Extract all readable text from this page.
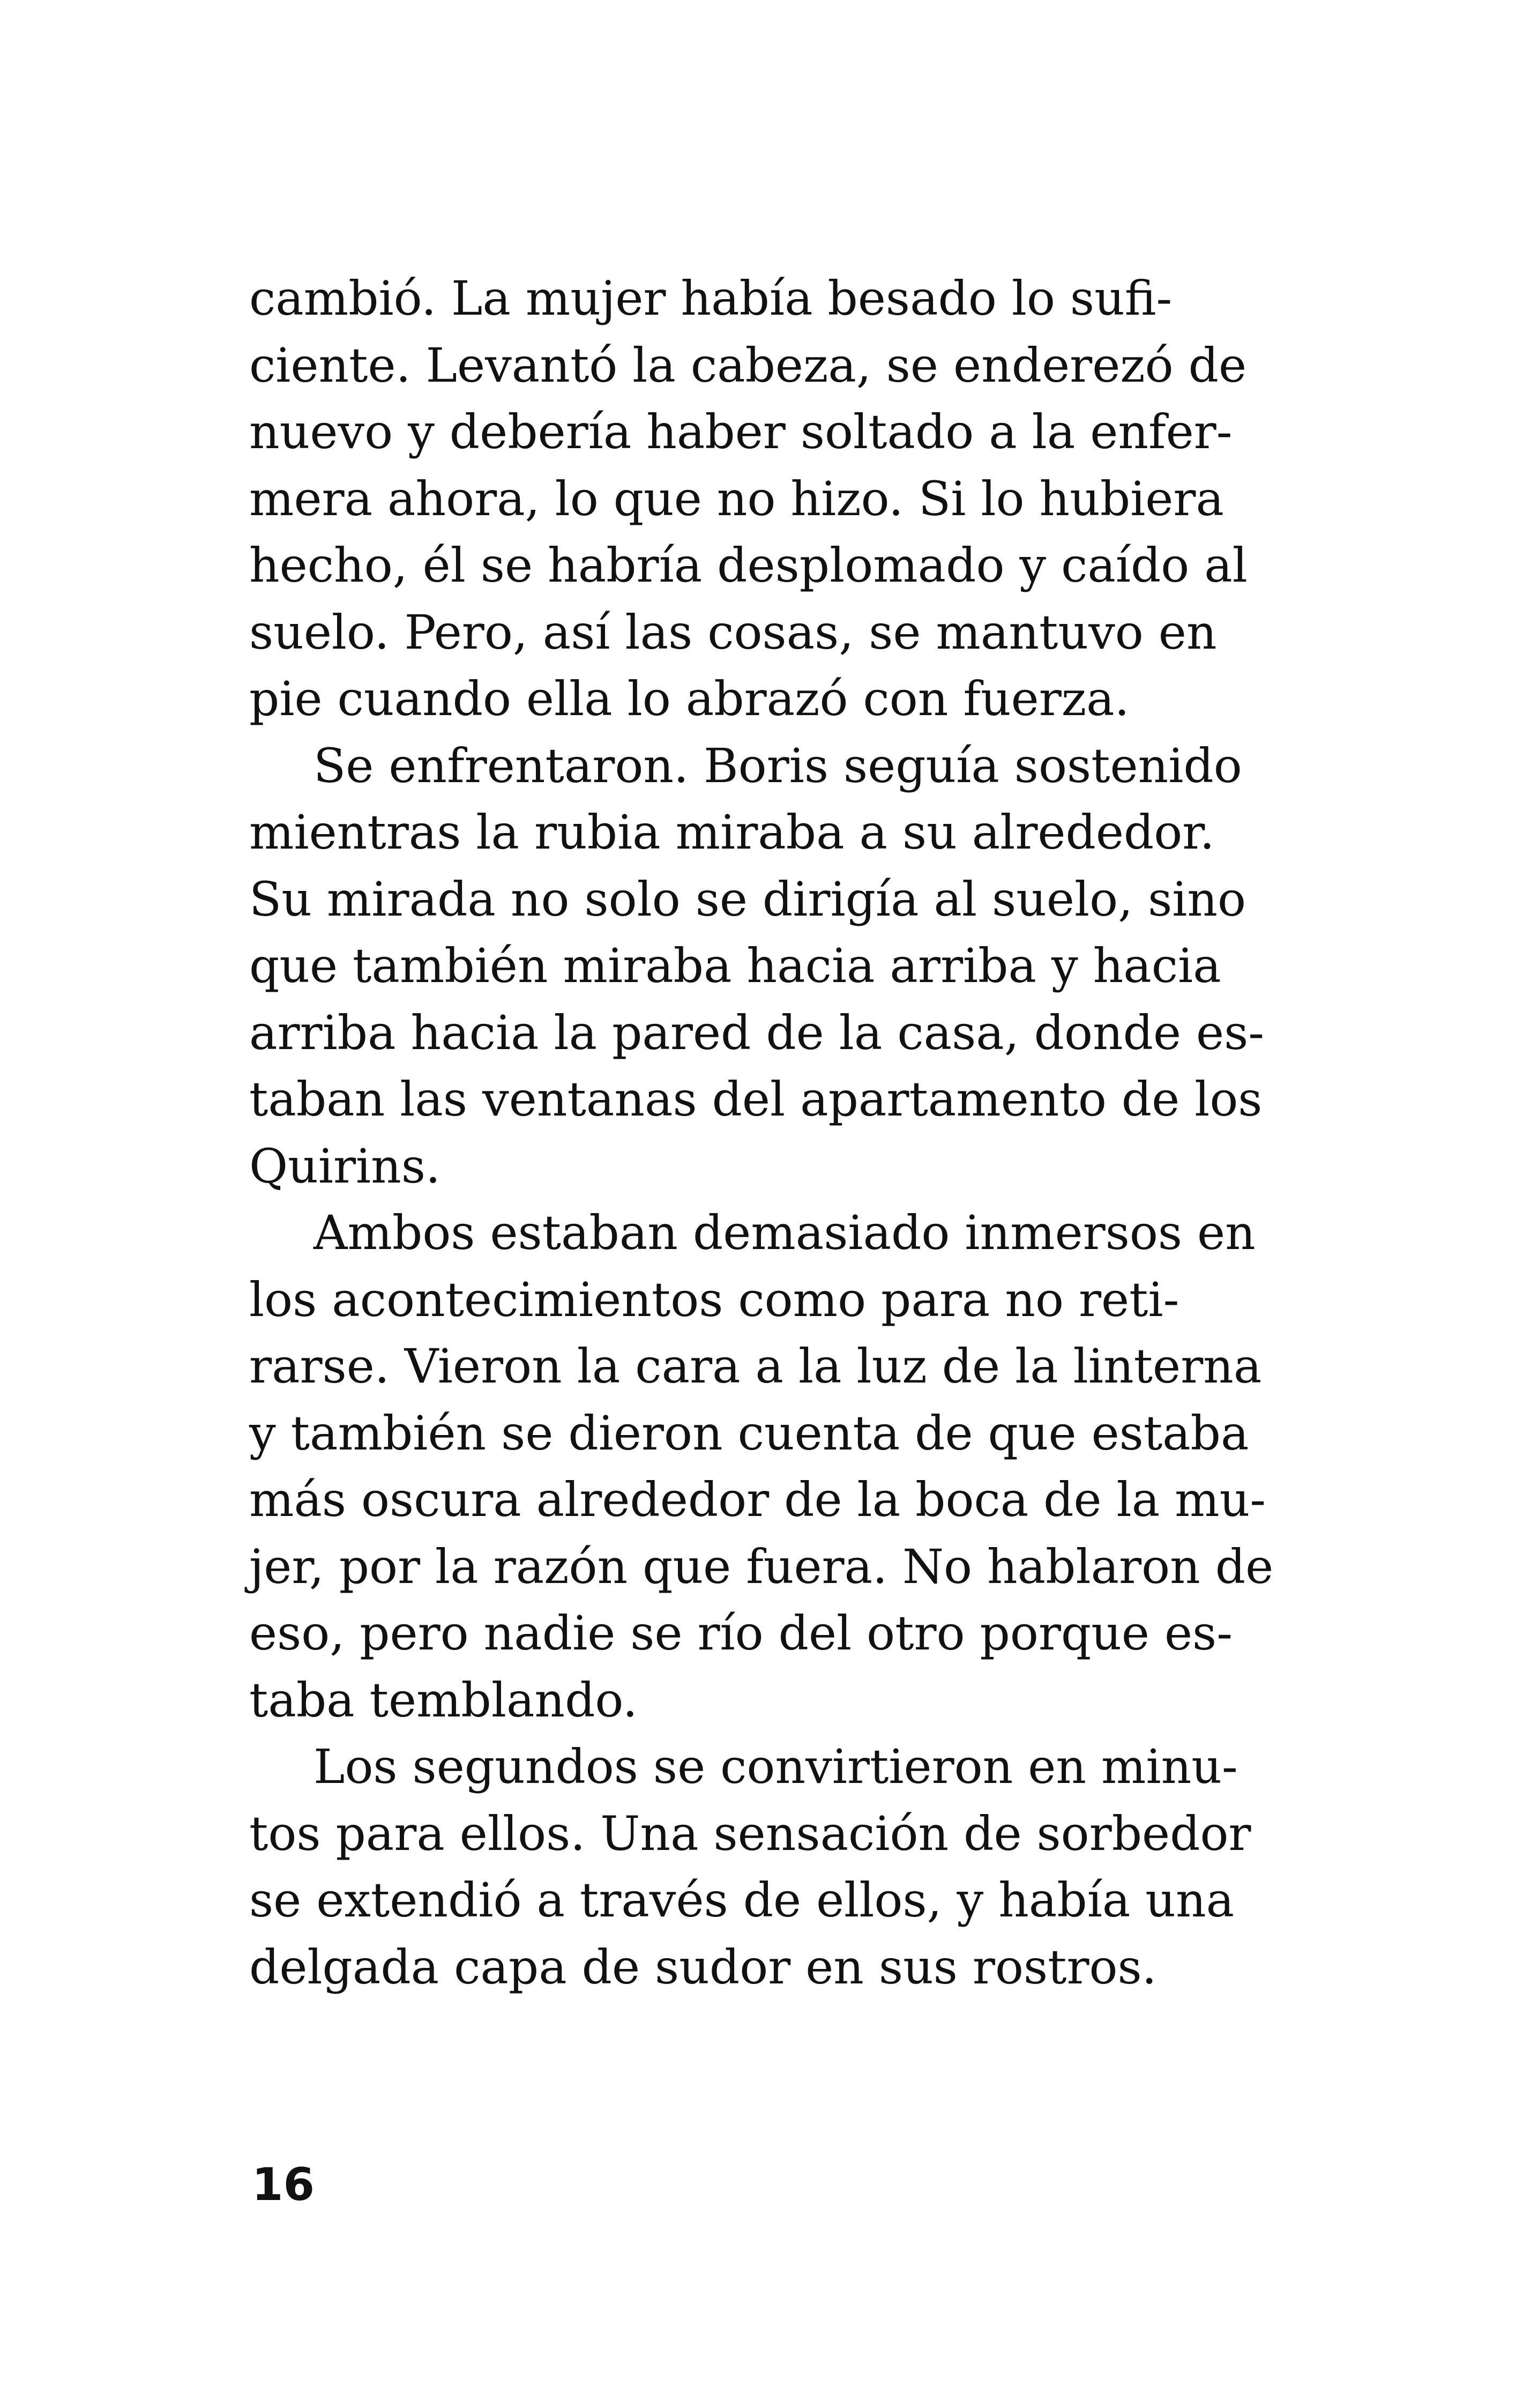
cambió. La mujer había besado lo sufi-
ciente. Levantó la cabeza, se enderezó de
nuevo y debería haber soltado a la enfer-
mera ahora, lo que no hizo. Si lo hubiera
hecho, él se habría desplomado y caído al
suelo. Pero, así las cosas, se mantuvo en
pie cuando ella lo abrazó con fuerza.

Se enfrentaron. Boris seguía sostenido
mientras la rubia miraba a su alrededor.
Su mirada no solo se dirigía al suelo, sino
que también miraba hacia arriba y hacia
arriba hacia la pared de la casa, donde es-
taban las ventanas del apartamento de los
Quirins.

Ambos estaban demasiado inmersos en
los acontecimientos como para no reti-
rarse. Vieron la cara a la luz de la linterna
y también se dieron cuenta de que estaba
más oscura alrededor de la boca de la mu-
jer, por la razón que fuera. No hablaron de
eso, pero nadie se río del otro porque es-
taba temblando.

Los segundos se convirtieron en minu-
tos para ellos. Una sensación de sorbedor
se extendió a través de ellos, y había una
delgada capa de sudor en sus rostros.

16
